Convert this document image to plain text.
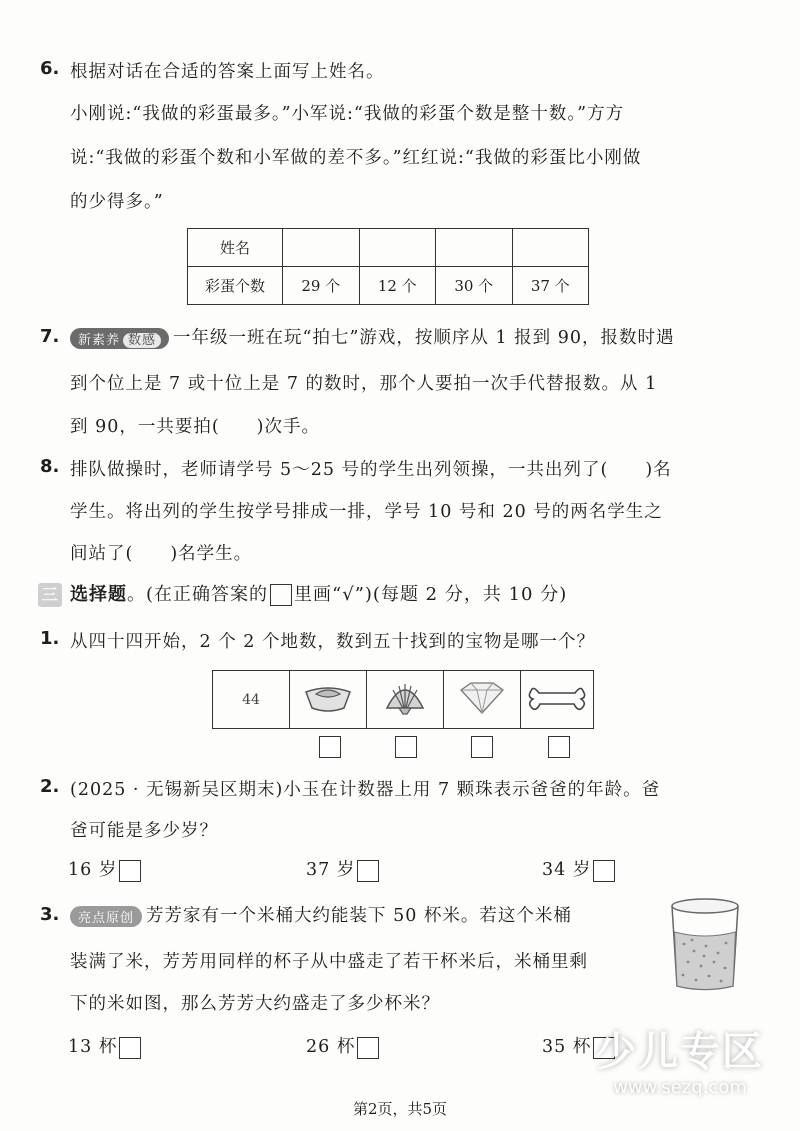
6. 根据对话在合适的答案上面写上姓名。
小刚说:“我做的彩蛋最多。”小军说:“我做的彩蛋个数是整十数。”方方
说:“我做的彩蛋个数和小军做的差不多。”红红说:“我做的彩蛋比小刚做
的少得多。”
姓名				
彩蛋个数	29 个	12 个	30 个	37 个
7.	新素养 数感 一年级一班在玩“拍七”游戏，按顺序从 1 报到 90，报数时遇
到个位上是 7 或十位上是 7 的数时，那个人要拍一次手代替报数。从 1
到 90，一共要拍(　　)次手。
8. 排队做操时，老师请学号 5～25 号的学生出列领操，一共出列了(　　)名
学生。将出列的学生按学号排成一排，学号 10 号和 20 号的两名学生之
间站了(　　)名学生。
三 选择题。(在正确答案的 里画“√”)(每题 2 分，共 10 分)
1. 从四十四开始，2 个 2 个地数，数到五十找到的宝物是哪一个？
44				
2. (2025 · 无锡新吴区期末)小玉在计数器上用 7 颗珠表示爸爸的年龄。爸
爸可能是多少岁？
16 岁	37 岁	34 岁
3.	亮点原创 芳芳家有一个米桶大约能装下 50 杯米。若这个米桶
装满了米，芳芳用同样的杯子从中盛走了若干杯米后，米桶里剩
下的米如图，那么芳芳大约盛走了多少杯米？
13 杯	26 杯	35 杯 少儿专区
www.sezq.com
第2页，共5页
